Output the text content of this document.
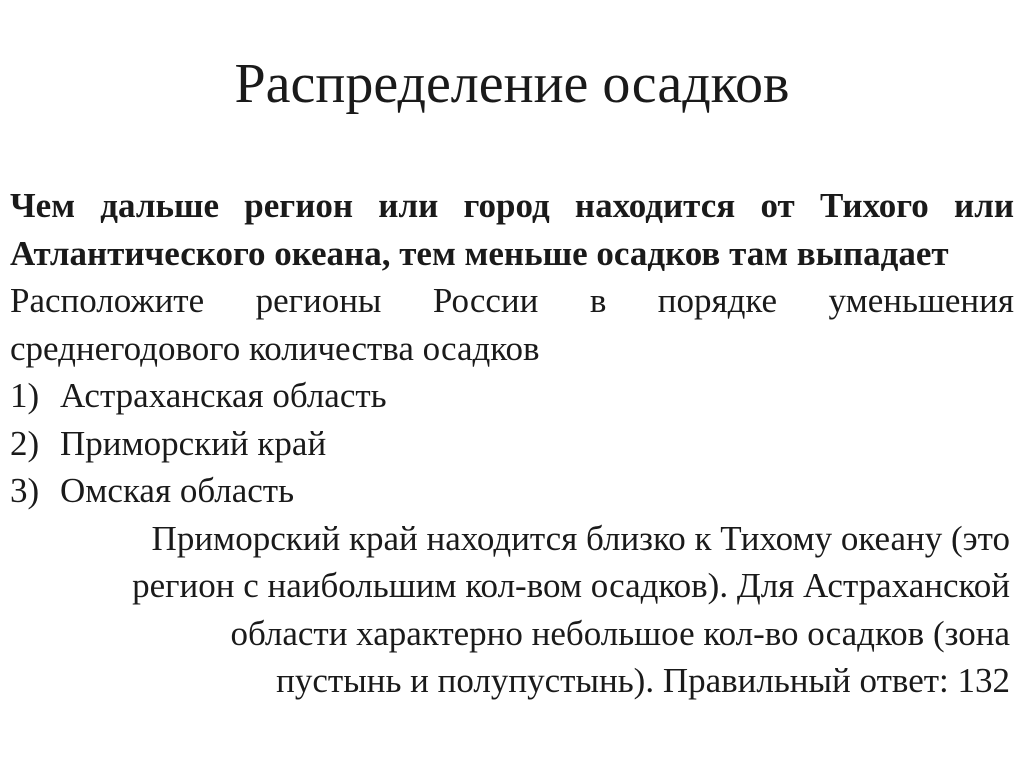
Распределение осадков

Чем дальше регион или город находится от Тихого или Атлантического океана, тем меньше осадков там выпадает

Расположите регионы России в порядке уменьшения среднегодового количества осадков

1) Астраханская область
2) Приморский край
3) Омская область

Приморский край находится близко к Тихому океану (это

регион с наибольшим кол-вом осадков). Для Астраханской

области характерно небольшое кол-во осадков (зона

пустынь и полупустынь). Правильный ответ: 132
